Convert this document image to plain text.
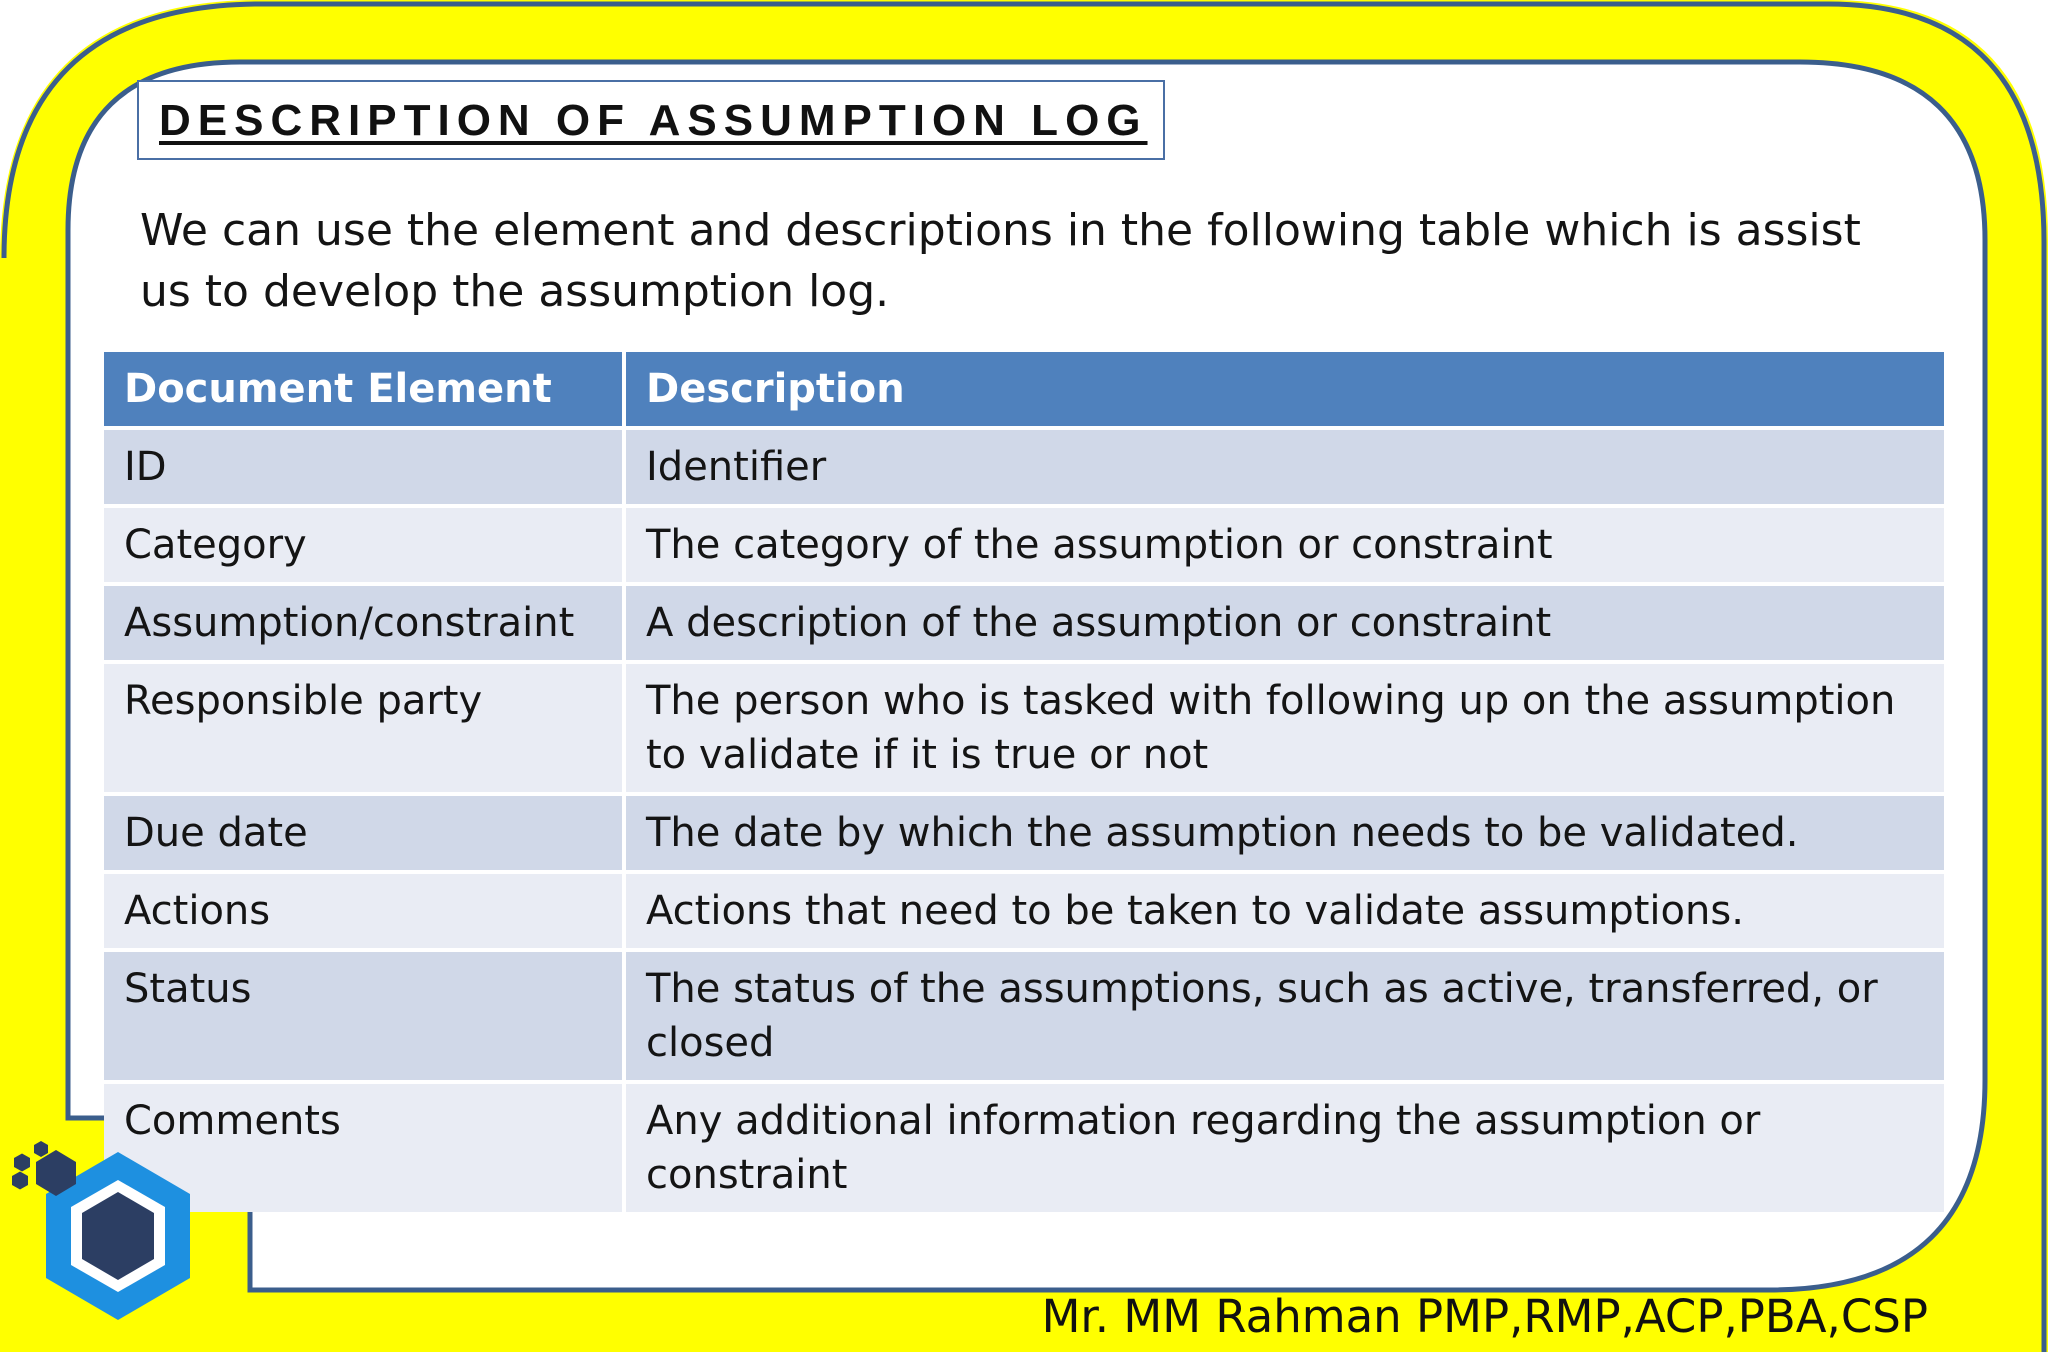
DESCRIPTION OF ASSUMPTION LOG
We can use the element and descriptions in the following table which is assist us to develop the assumption log.
Document Element	Description
ID	Identifier
Category	The category of the assumption or constraint
Assumption/constraint	A description of the assumption or constraint
Responsible party	The person who is tasked with following up on the assumption to validate if it is true or not
Due date	The date by which the assumption needs to be validated.
Actions	Actions that need to be taken to validate assumptions.
Status	The status of the assumptions, such as active, transferred, or closed
Comments	Any additional information regarding the assumption or constraint
Mr. MM Rahman PMP,RMP,ACP,PBA,CSP
